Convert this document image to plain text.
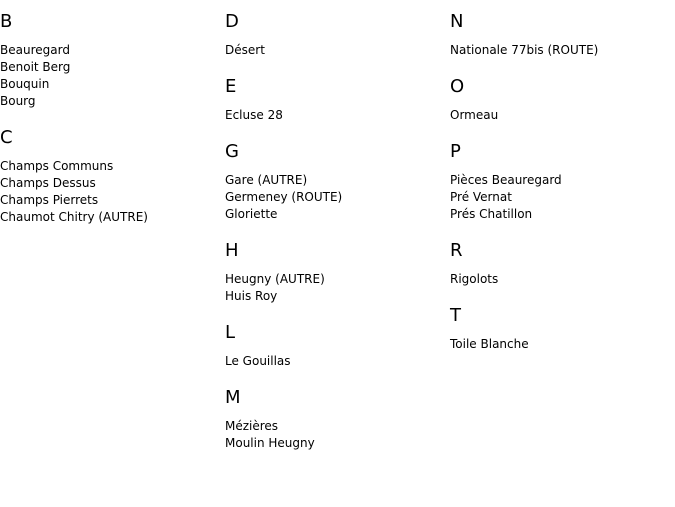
B
Beauregard
Benoit Berg
Bouquin
Bourg
C
Champs Communs
Champs Dessus
Champs Pierrets
Chaumot Chitry (AUTRE)
D
Désert
E
Ecluse 28
G
Gare (AUTRE)
Germeney (ROUTE)
Gloriette
H
Heugny (AUTRE)
Huis Roy
L
Le Gouillas
M
Mézières
Moulin Heugny
N
Nationale 77bis (ROUTE)
O
Ormeau
P
Pièces Beauregard
Pré Vernat
Prés Chatillon
R
Rigolots
T
Toile Blanche
